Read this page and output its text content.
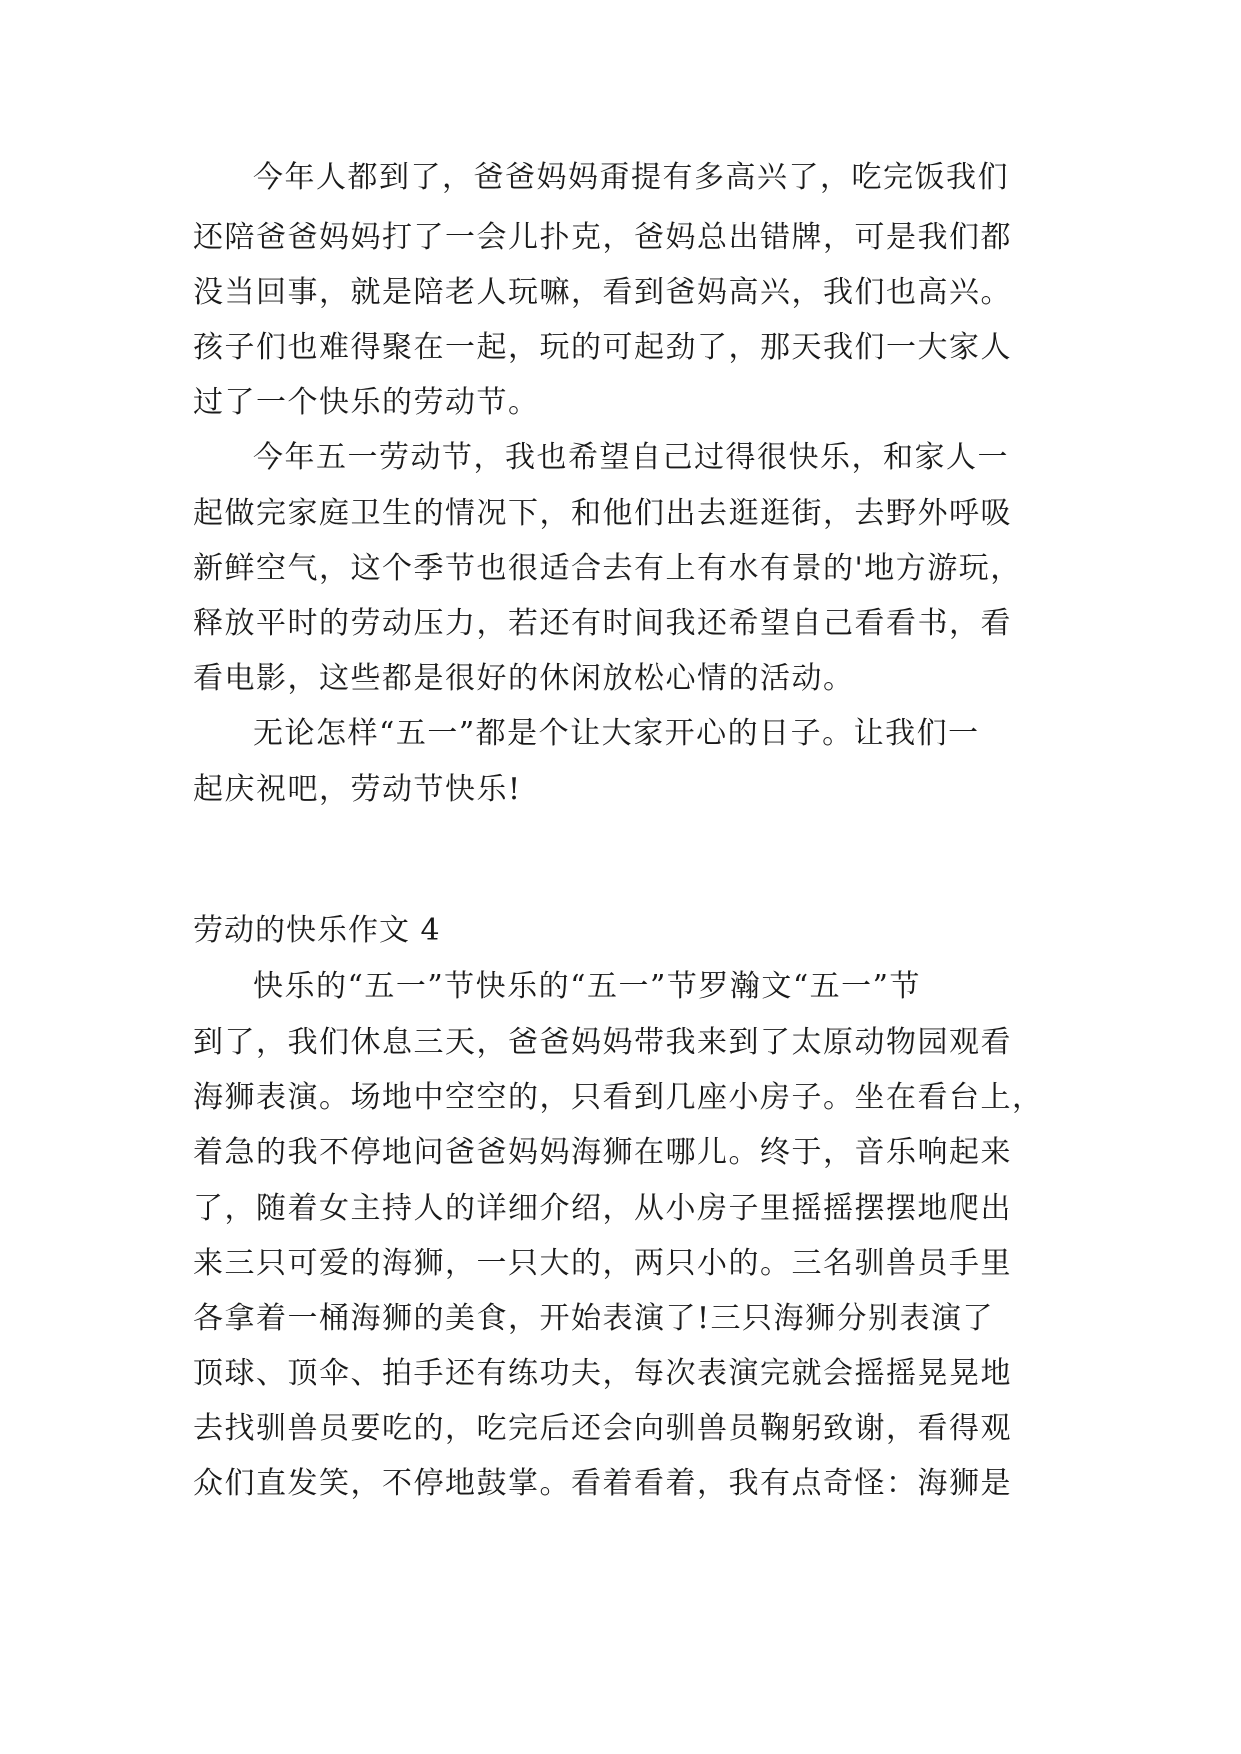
今年人都到了，爸爸妈妈甭提有多高兴了，吃完饭我们
还陪爸爸妈妈打了一会儿扑克，爸妈总出错牌，可是我们都
没当回事，就是陪老人玩嘛，看到爸妈高兴，我们也高兴。
孩子们也难得聚在一起，玩的可起劲了，那天我们一大家人
过了一个快乐的劳动节。
今年五一劳动节，我也希望自己过得很快乐，和家人一
起做完家庭卫生的情况下，和他们出去逛逛街，去野外呼吸
新鲜空气，这个季节也很适合去有上有水有景的'地方游玩，
释放平时的劳动压力，若还有时间我还希望自己看看书，看
看电影，这些都是很好的休闲放松心情的活动。
无论怎样“五一”都是个让大家开心的日子。让我们一
起庆祝吧，劳动节快乐!
劳动的快乐作文 4
快乐的“五一”节快乐的“五一”节罗瀚文“五一”节
到了，我们休息三天，爸爸妈妈带我来到了太原动物园观看
海狮表演。场地中空空的，只看到几座小房子。坐在看台上，
着急的我不停地问爸爸妈妈海狮在哪儿。终于，音乐响起来
了，随着女主持人的详细介绍，从小房子里摇摇摆摆地爬出
来三只可爱的海狮，一只大的，两只小的。三名驯兽员手里
各拿着一桶海狮的美食，开始表演了!三只海狮分别表演了
顶球、顶伞、拍手还有练功夫，每次表演完就会摇摇晃晃地
去找驯兽员要吃的，吃完后还会向驯兽员鞠躬致谢，看得观
众们直发笑，不停地鼓掌。看着看着，我有点奇怪：海狮是
